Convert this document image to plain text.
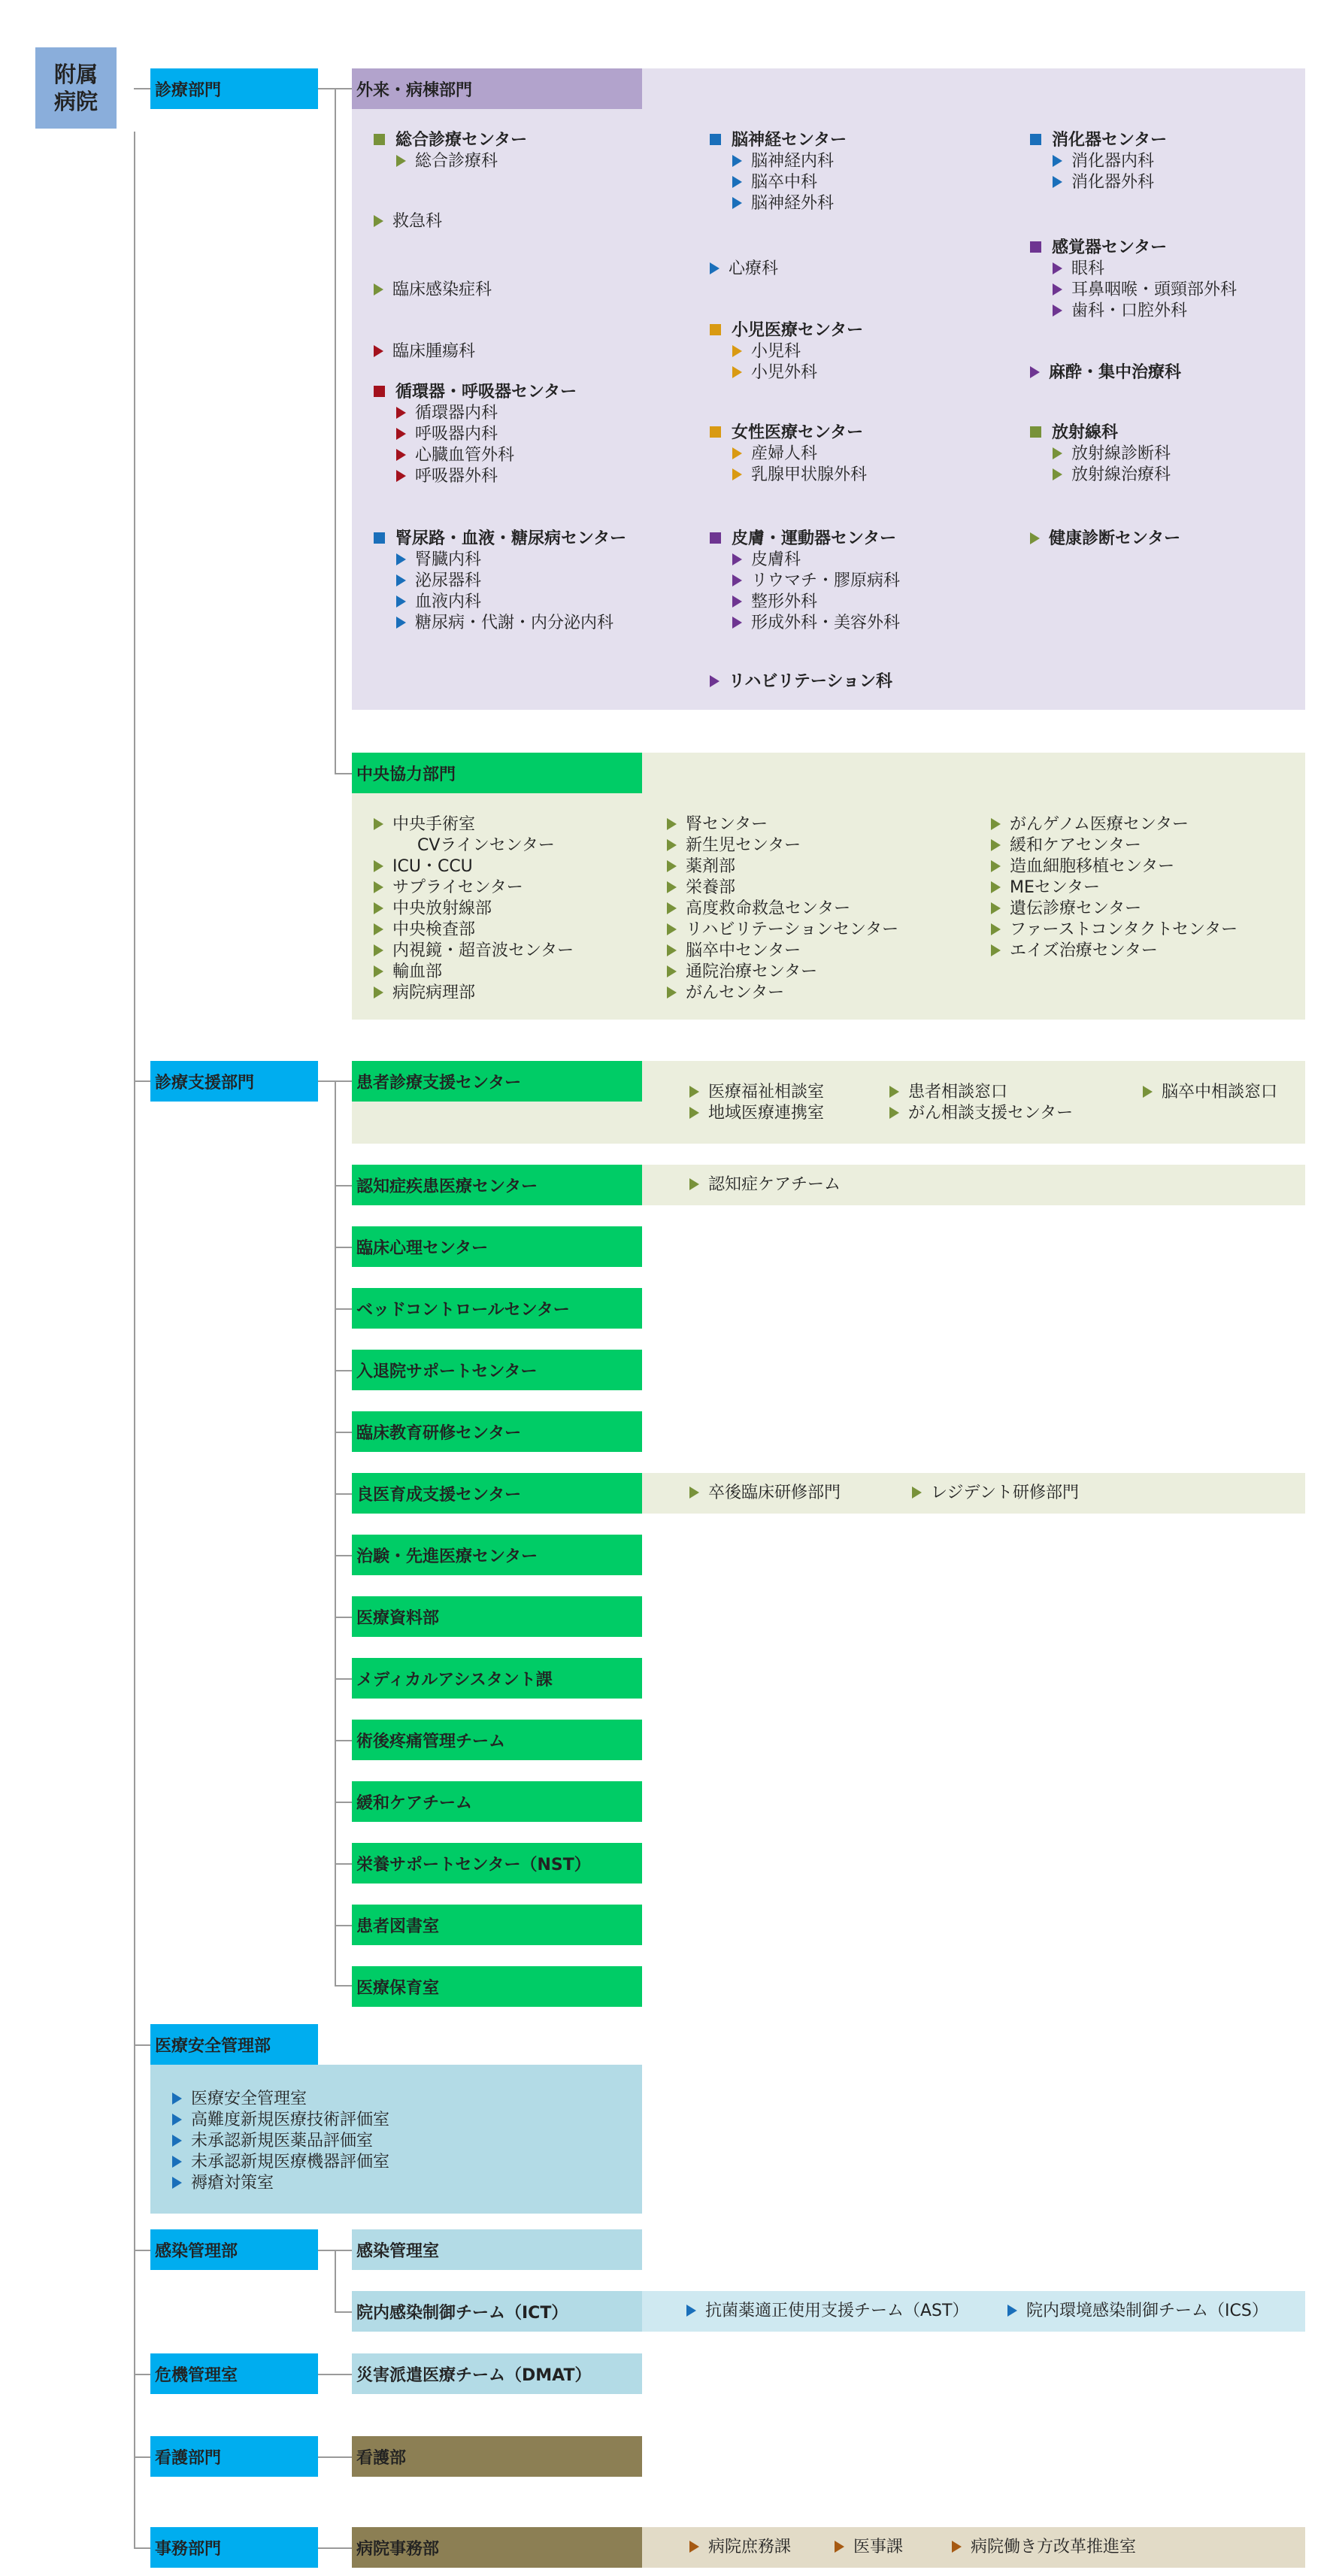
附属
病院	診療部門
診療支援部門
医療安全管理部
感染管理部
危機管理室
看護部門
事務部門
外来・病棟部門
総合診療センター
総合診療科
救急科
臨床感染症科
臨床腫瘍科
循環器・呼吸器センター
循環器内科
呼吸器内科
心臓血管外科
呼吸器外科
腎尿路・血液・糖尿病センター
腎臓内科
泌尿器科
血液内科
糖尿病・代謝・内分泌内科
脳神経センター
脳神経内科
脳卒中科
脳神経外科
心療科
小児医療センター
小児科
小児外科
女性医療センター
産婦人科
乳腺甲状腺外科
皮膚・運動器センター
皮膚科
リウマチ・膠原病科
整形外科
形成外科・美容外科
リハビリテーション科
消化器センター
消化器内科
消化器外科
感覚器センター
眼科
耳鼻咽喉・頭頸部外科
歯科・口腔外科
麻酔・集中治療科
放射線科
放射線診断科
放射線治療科
健康診断センター
中央協力部門
中央手術室
CVラインセンター
ICU・CCU
サプライセンター
中央放射線部
中央検査部
内視鏡・超音波センター
輸血部
病院病理部
腎センター
新生児センター
薬剤部
栄養部
高度救命救急センター
リハビリテーションセンター
脳卒中センター
通院治療センター
がんセンター
がんゲノム医療センター
緩和ケアセンター
造血細胞移植センター
MEセンター
遺伝診療センター
ファーストコンタクトセンター
エイズ治療センター
患者診療支援センター	医療福祉相談室
地域医療連携室
患者相談窓口
がん相談支援センター
脳卒中相談窓口
認知症疾患医療センター	認知症ケアチーム
臨床心理センター
ベッドコントロールセンター
入退院サポートセンター
臨床教育研修センター
良医育成支援センター	卒後臨床研修部門	レジデント研修部門
治験・先進医療センター
医療資料部
メディカルアシスタント課
術後疼痛管理チーム
緩和ケアチーム
栄養サポートセンター（NST）
患者図書室
医療保育室
医療安全管理室
高難度新規医療技術評価室
未承認新規医薬品評価室
未承認新規医療機器評価室
褥瘡対策室
感染管理室
院内感染制御チーム（ICT）	抗菌薬適正使用支援チーム（AST）	院内環境感染制御チーム（ICS）
災害派遣医療チーム（DMAT）
看護部
病院事務部	病院庶務課	医事課	病院働き方改革推進室
